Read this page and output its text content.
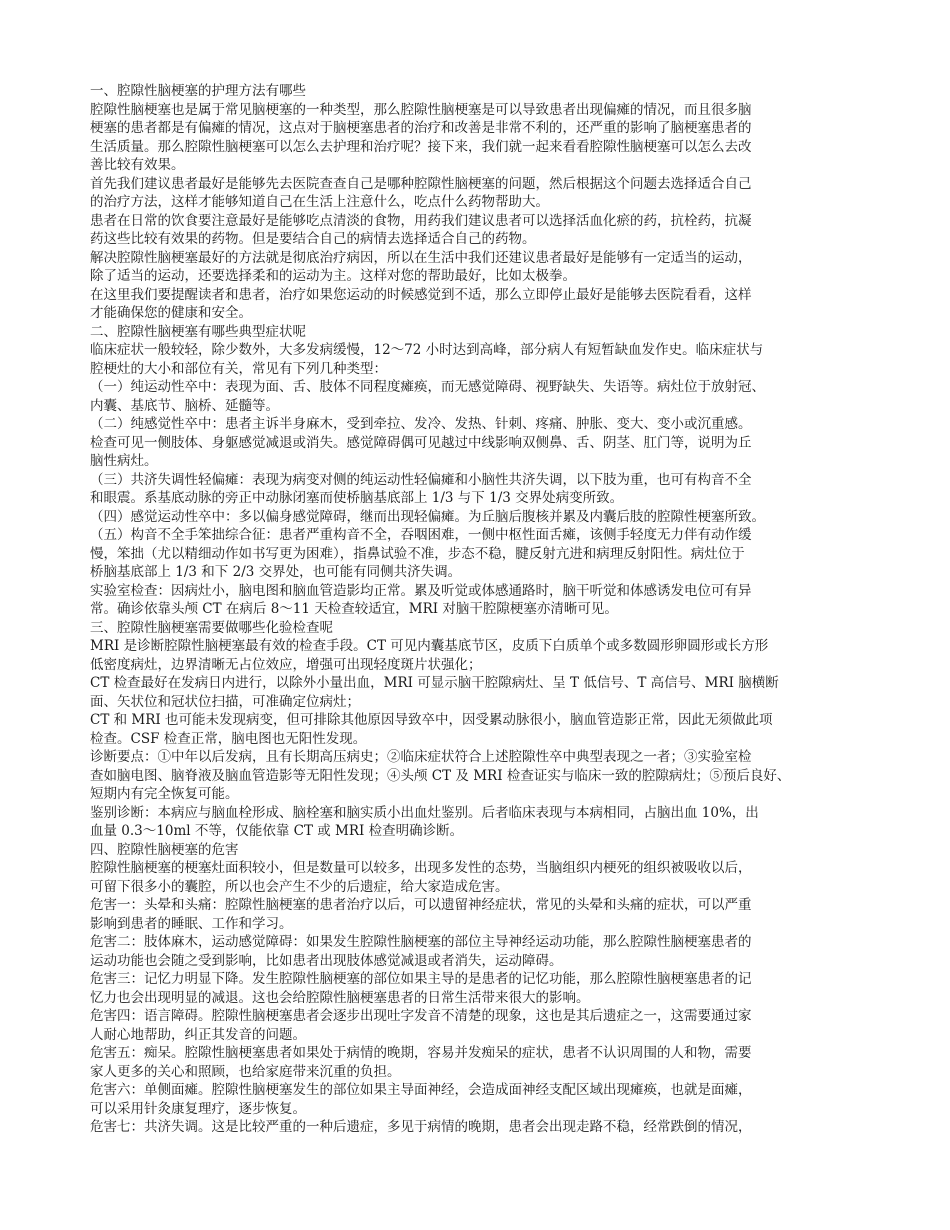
一、腔隙性脑梗塞的护理方法有哪些

腔隙性脑梗塞也是属于常见脑梗塞的一种类型，那么腔隙性脑梗塞是可以导致患者出现偏瘫的情况，而且很多脑
梗塞的患者都是有偏瘫的情况，这点对于脑梗塞患者的治疗和改善是非常不利的，还严重的影响了脑梗塞患者的
生活质量。那么腔隙性脑梗塞可以怎么去护理和治疗呢？接下来，我们就一起来看看腔隙性脑梗塞可以怎么去改
善比较有效果。

首先我们建议患者最好是能够先去医院查查自己是哪种腔隙性脑梗塞的问题，然后根据这个问题去选择适合自己
的治疗方法，这样才能够知道自己在生活上注意什么，吃点什么药物帮助大。

患者在日常的饮食要注意最好是能够吃点清淡的食物，用药我们建议患者可以选择活血化瘀的药，抗栓药，抗凝
药这些比较有效果的药物。但是要结合自己的病情去选择适合自己的药物。

解决腔隙性脑梗塞最好的方法就是彻底治疗病因，所以在生活中我们还建议患者最好是能够有一定适当的运动，
除了适当的运动，还要选择柔和的运动为主。这样对您的帮助最好，比如太极拳。

在这里我们要提醒读者和患者，治疗如果您运动的时候感觉到不适，那么立即停止最好是能够去医院看看，这样
才能确保您的健康和安全。

二、腔隙性脑梗塞有哪些典型症状呢

临床症状一般较轻，除少数外，大多发病缓慢，12～72 小时达到高峰，部分病人有短暂缺血发作史。临床症状与
腔梗灶的大小和部位有关，常见有下列几种类型：

（一）纯运动性卒中：表现为面、舌、肢体不同程度瘫痪，而无感觉障碍、视野缺失、失语等。病灶位于放射冠、
内囊、基底节、脑桥、延髓等。

（二）纯感觉性卒中：患者主诉半身麻木，受到牵拉、发冷、发热、针刺、疼痛、肿胀、变大、变小或沉重感。
检查可见一侧肢体、身躯感觉减退或消失。感觉障碍偶可见越过中线影响双侧鼻、舌、阴茎、肛门等，说明为丘
脑性病灶。

（三）共济失调性轻偏瘫：表现为病变对侧的纯运动性轻偏瘫和小脑性共济失调，以下肢为重，也可有构音不全
和眼震。系基底动脉的旁正中动脉闭塞而使桥脑基底部上 1/3 与下 1/3 交界处病变所致。

（四）感觉运动性卒中：多以偏身感觉障碍，继而出现轻偏瘫。为丘脑后腹核并累及内囊后肢的腔隙性梗塞所致。

（五）构音不全手笨拙综合征：患者严重构音不全，吞咽困难，一侧中枢性面舌瘫，该侧手轻度无力伴有动作缓
慢，笨拙（尤以精细动作如书写更为困难），指鼻试验不准，步态不稳，腱反射亢进和病理反射阳性。病灶位于
桥脑基底部上 1/3 和下 2/3 交界处，也可能有同侧共济失调。

实验室检查：因病灶小，脑电图和脑血管造影均正常。累及听觉或体感通路时，脑干听觉和体感诱发电位可有异
常。确诊依靠头颅 CT 在病后 8～11 天检查较适宜，MRI 对脑干腔隙梗塞亦清晰可见。

三、腔隙性脑梗塞需要做哪些化验检查呢

MRI 是诊断腔隙性脑梗塞最有效的检查手段。CT 可见内囊基底节区，皮质下白质单个或多数圆形卵圆形或长方形
低密度病灶，边界清晰无占位效应，增强可出现轻度斑片状强化；

CT 检查最好在发病日内进行，以除外小量出血，MRI 可显示脑干腔隙病灶、呈 T 低信号、T 高信号、MRI 脑横断
面、矢状位和冠状位扫描，可准确定位病灶；

CT 和 MRI 也可能未发现病变，但可排除其他原因导致卒中，因受累动脉很小，脑血管造影正常，因此无须做此项
检查。CSF 检查正常，脑电图也无阳性发现。

诊断要点：①中年以后发病，且有长期高压病史；②临床症状符合上述腔隙性卒中典型表现之一者；③实验室检
查如脑电图、脑脊液及脑血管造影等无阳性发现；④头颅 CT 及 MRI 检查证实与临床一致的腔隙病灶；⑤预后良好、
短期内有完全恢复可能。

鉴别诊断：本病应与脑血栓形成、脑栓塞和脑实质小出血灶鉴别。后者临床表现与本病相同，占脑出血 10%，出
血量 0.3～10ml 不等，仅能依靠 CT 或 MRI 检查明确诊断。

四、腔隙性脑梗塞的危害

腔隙性脑梗塞的梗塞灶面积较小，但是数量可以较多，出现多发性的态势，当脑组织内梗死的组织被吸收以后，
可留下很多小的囊腔，所以也会产生不少的后遗症，给大家造成危害。

危害一：头晕和头痛：腔隙性脑梗塞的患者治疗以后，可以遗留神经症状，常见的头晕和头痛的症状，可以严重
影响到患者的睡眠、工作和学习。

危害二：肢体麻木，运动感觉障碍：如果发生腔隙性脑梗塞的部位主导神经运动功能，那么腔隙性脑梗塞患者的
运动功能也会随之受到影响，比如患者出现肢体感觉减退或者消失，运动障碍。

危害三：记忆力明显下降。发生腔隙性脑梗塞的部位如果主导的是患者的记忆功能，那么腔隙性脑梗塞患者的记
忆力也会出现明显的减退。这也会给腔隙性脑梗塞患者的日常生活带来很大的影响。

危害四：语言障碍。腔隙性脑梗塞患者会逐步出现吐字发音不清楚的现象，这也是其后遗症之一，这需要通过家
人耐心地帮助，纠正其发音的问题。

危害五：痴呆。腔隙性脑梗塞患者如果处于病情的晚期，容易并发痴呆的症状，患者不认识周围的人和物，需要
家人更多的关心和照顾，也给家庭带来沉重的负担。

危害六：单侧面瘫。腔隙性脑梗塞发生的部位如果主导面神经，会造成面神经支配区域出现瘫痪，也就是面瘫，
可以采用针灸康复理疗，逐步恢复。

危害七：共济失调。这是比较严重的一种后遗症，多见于病情的晚期，患者会出现走路不稳，经常跌倒的情况，
